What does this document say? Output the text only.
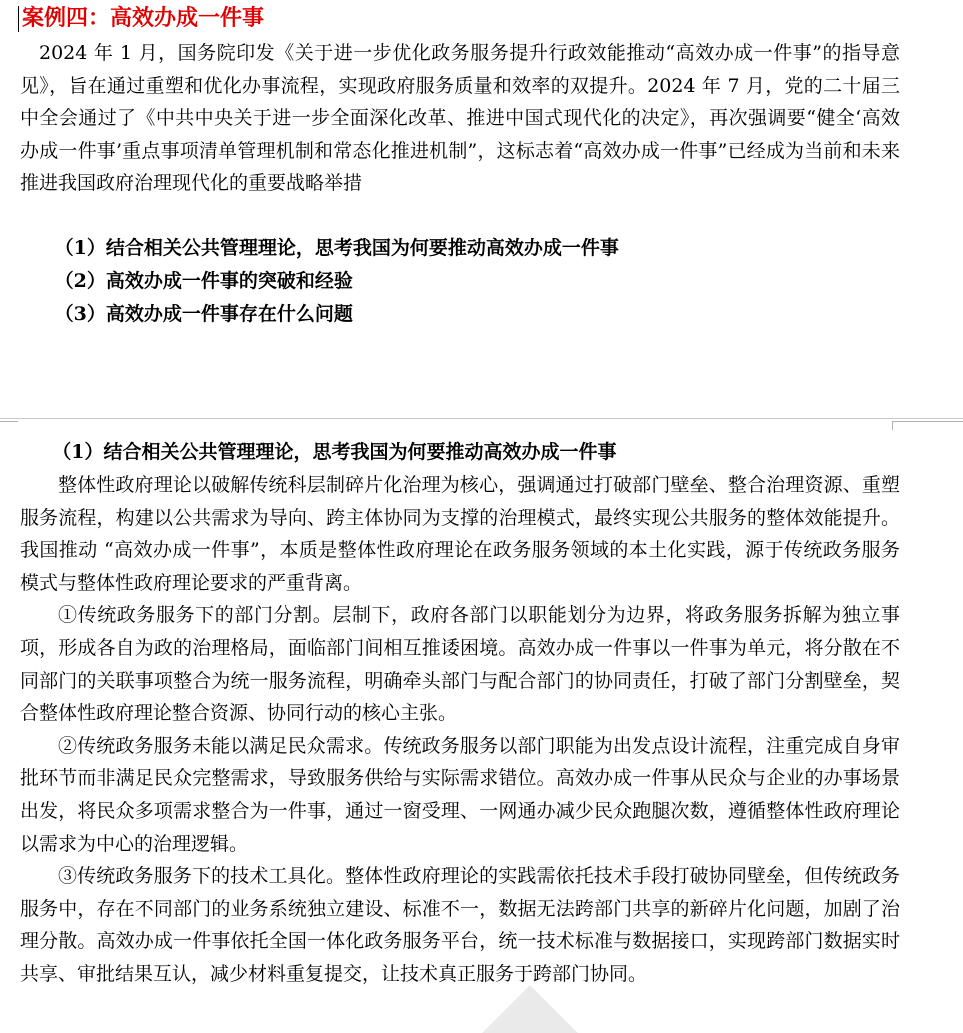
案例四：高效办成一件事

2024 年 1 月，国务院印发《关于进一步优化政务服务提升行政效能推动“高效办成一件事”的指导意见》，旨在通过重塑和优化办事流程，实现政府服务质量和效率的双提升。2024 年 7 月，党的二十届三中全会通过了《中共中央关于进一步全面深化改革、推进中国式现代化的决定》，再次强调要“健全‘高效办成一件事’重点事项清单管理机制和常态化推进机制”，这标志着“高效办成一件事”已经成为当前和未来推进我国政府治理现代化的重要战略举措

（1）结合相关公共管理理论，思考我国为何要推动高效办成一件事

（2）高效办成一件事的突破和经验

（3）高效办成一件事存在什么问题

（1）结合相关公共管理理论，思考我国为何要推动高效办成一件事

整体性政府理论以破解传统科层制碎片化治理为核心，强调通过打破部门壁垒、整合治理资源、重塑服务流程，构建以公共需求为导向、跨主体协同为支撑的治理模式，最终实现公共服务的整体效能提升。我国推动 “高效办成一件事”，本质是整体性政府理论在政务服务领域的本土化实践，源于传统政务服务模式与整体性政府理论要求的严重背离。

①传统政务服务下的部门分割。层制下，政府各部门以职能划分为边界，将政务服务拆解为独立事项，形成各自为政的治理格局，面临部门间相互推诿困境。高效办成一件事以一件事为单元，将分散在不同部门的关联事项整合为统一服务流程，明确牵头部门与配合部门的协同责任，打破了部门分割壁垒，契合整体性政府理论整合资源、协同行动的核心主张。

②传统政务服务未能以满足民众需求。传统政务服务以部门职能为出发点设计流程，注重完成自身审批环节而非满足民众完整需求，导致服务供给与实际需求错位。高效办成一件事从民众与企业的办事场景出发，将民众多项需求整合为一件事，通过一窗受理、一网通办减少民众跑腿次数，遵循整体性政府理论以需求为中心的治理逻辑。

③传统政务服务下的技术工具化。整体性政府理论的实践需依托技术手段打破协同壁垒，但传统政务服务中，存在不同部门的业务系统独立建设、标准不一，数据无法跨部门共享的新碎片化问题，加剧了治理分散。高效办成一件事依托全国一体化政务服务平台，统一技术标准与数据接口，实现跨部门数据实时共享、审批结果互认，减少材料重复提交，让技术真正服务于跨部门协同。
